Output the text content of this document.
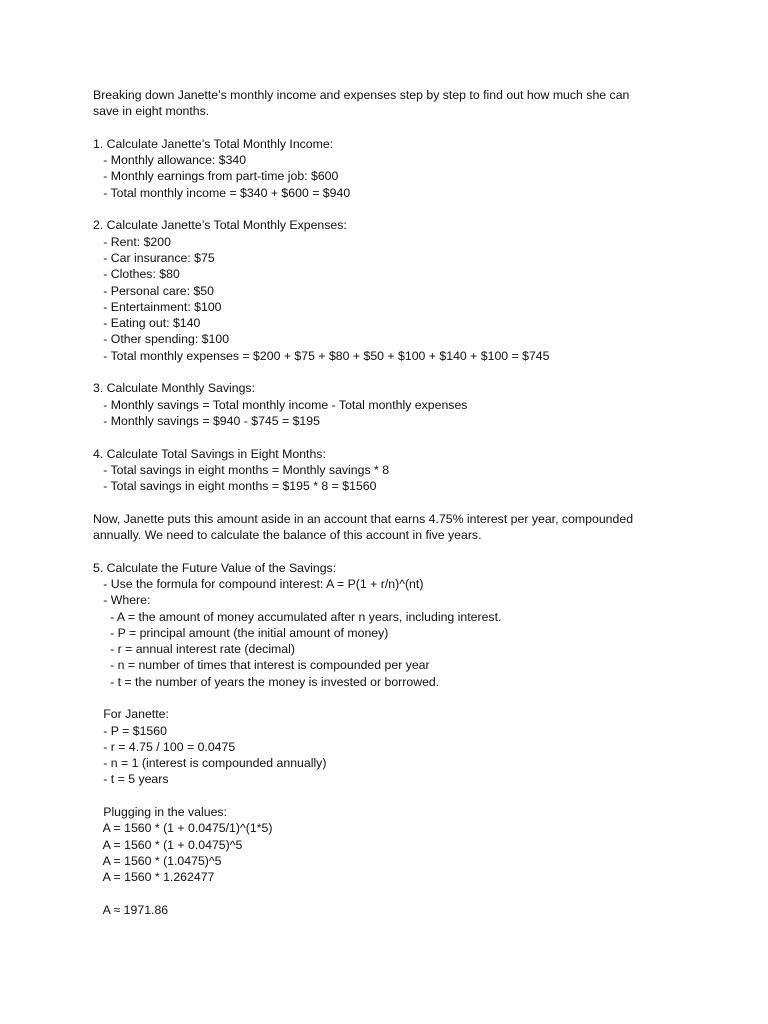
Breaking down Janette’s monthly income and expenses step by step to find out how much she can
save in eight months.
1. Calculate Janette’s Total Monthly Income:
- Monthly allowance: $340
- Monthly earnings from part-time job: $600
- Total monthly income = $340 + $600 = $940
2. Calculate Janette’s Total Monthly Expenses:
- Rent: $200
- Car insurance: $75
- Clothes: $80
- Personal care: $50
- Entertainment: $100
- Eating out: $140
- Other spending: $100
- Total monthly expenses = $200 + $75 + $80 + $50 + $100 + $140 + $100 = $745
3. Calculate Monthly Savings:
- Monthly savings = Total monthly income - Total monthly expenses
- Monthly savings = $940 - $745 = $195
4. Calculate Total Savings in Eight Months:
- Total savings in eight months = Monthly savings * 8
- Total savings in eight months = $195 * 8 = $1560
Now, Janette puts this amount aside in an account that earns 4.75% interest per year, compounded
annually. We need to calculate the balance of this account in five years.
5. Calculate the Future Value of the Savings:
- Use the formula for compound interest: A = P(1 + r/n)^(nt)
- Where:
- A = the amount of money accumulated after n years, including interest.
- P = principal amount (the initial amount of money)
- r = annual interest rate (decimal)
- n = number of times that interest is compounded per year
- t = the number of years the money is invested or borrowed.
For Janette:
- P = $1560
- r = 4.75 / 100 = 0.0475
- n = 1 (interest is compounded annually)
- t = 5 years
Plugging in the values:
A = 1560 * (1 + 0.0475/1)^(1*5)
A = 1560 * (1 + 0.0475)^5
A = 1560 * (1.0475)^5
A = 1560 * 1.262477
A ≈ 1971.86
